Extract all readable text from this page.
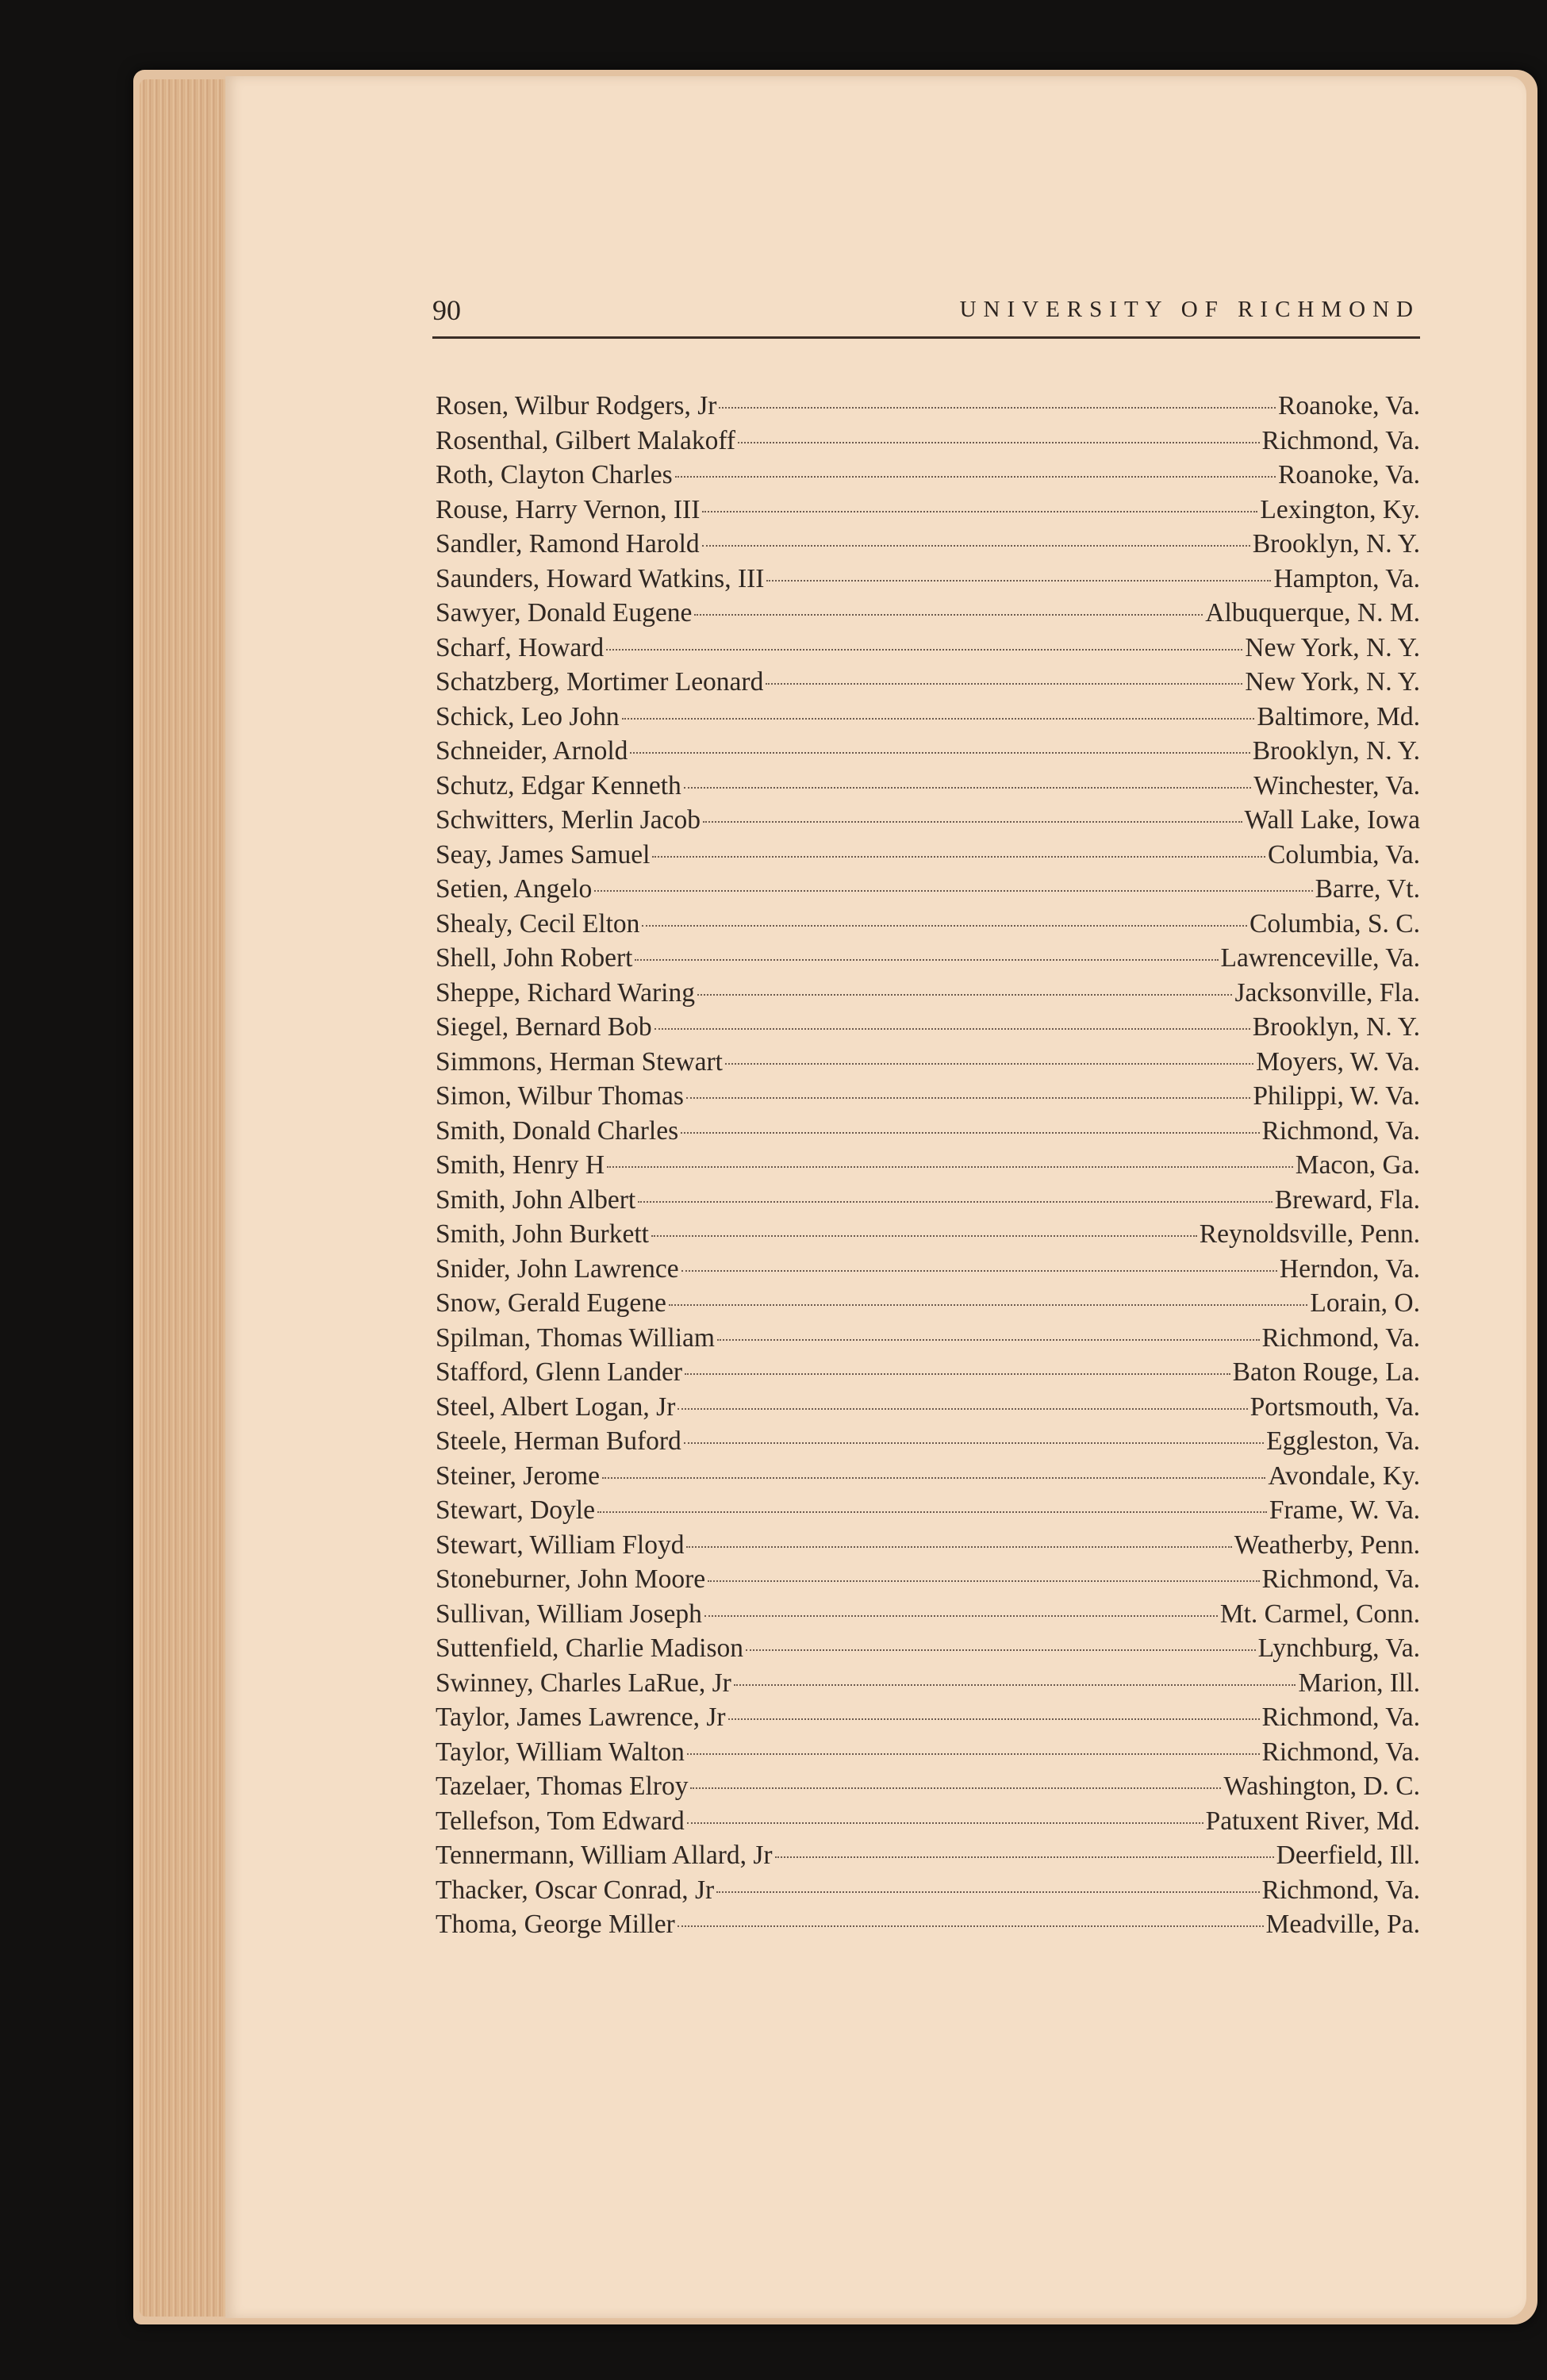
90	UNIVERSITY OF RICHMOND
Rosen, Wilbur Rodgers, Jr	Roanoke, Va.
Rosenthal, Gilbert Malakoff	Richmond, Va.
Roth, Clayton Charles	Roanoke, Va.
Rouse, Harry Vernon, III	Lexington, Ky.
Sandler, Ramond Harold	Brooklyn, N. Y.
Saunders, Howard Watkins, III	Hampton, Va.
Sawyer, Donald Eugene	Albuquerque, N. M.
Scharf, Howard	New York, N. Y.
Schatzberg, Mortimer Leonard	New York, N. Y.
Schick, Leo John	Baltimore, Md.
Schneider, Arnold	Brooklyn, N. Y.
Schutz, Edgar Kenneth	Winchester, Va.
Schwitters, Merlin Jacob	Wall Lake, Iowa
Seay, James Samuel	Columbia, Va.
Setien, Angelo	Barre, Vt.
Shealy, Cecil Elton	Columbia, S. C.
Shell, John Robert	Lawrenceville, Va.
Sheppe, Richard Waring	Jacksonville, Fla.
Siegel, Bernard Bob	Brooklyn, N. Y.
Simmons, Herman Stewart	Moyers, W. Va.
Simon, Wilbur Thomas	Philippi, W. Va.
Smith, Donald Charles	Richmond, Va.
Smith, Henry H	Macon, Ga.
Smith, John Albert	Breward, Fla.
Smith, John Burkett	Reynoldsville, Penn.
Snider, John Lawrence	Herndon, Va.
Snow, Gerald Eugene	Lorain, O.
Spilman, Thomas William	Richmond, Va.
Stafford, Glenn Lander	Baton Rouge, La.
Steel, Albert Logan, Jr	Portsmouth, Va.
Steele, Herman Buford	Eggleston, Va.
Steiner, Jerome	Avondale, Ky.
Stewart, Doyle	Frame, W. Va.
Stewart, William Floyd	Weatherby, Penn.
Stoneburner, John Moore	Richmond, Va.
Sullivan, William Joseph	Mt. Carmel, Conn.
Suttenfield, Charlie Madison	Lynchburg, Va.
Swinney, Charles LaRue, Jr	Marion, Ill.
Taylor, James Lawrence, Jr	Richmond, Va.
Taylor, William Walton	Richmond, Va.
Tazelaer, Thomas Elroy	Washington, D. C.
Tellefson, Tom Edward	Patuxent River, Md.
Tennermann, William Allard, Jr	Deerfield, Ill.
Thacker, Oscar Conrad, Jr	Richmond, Va.
Thoma, George Miller	Meadville, Pa.
